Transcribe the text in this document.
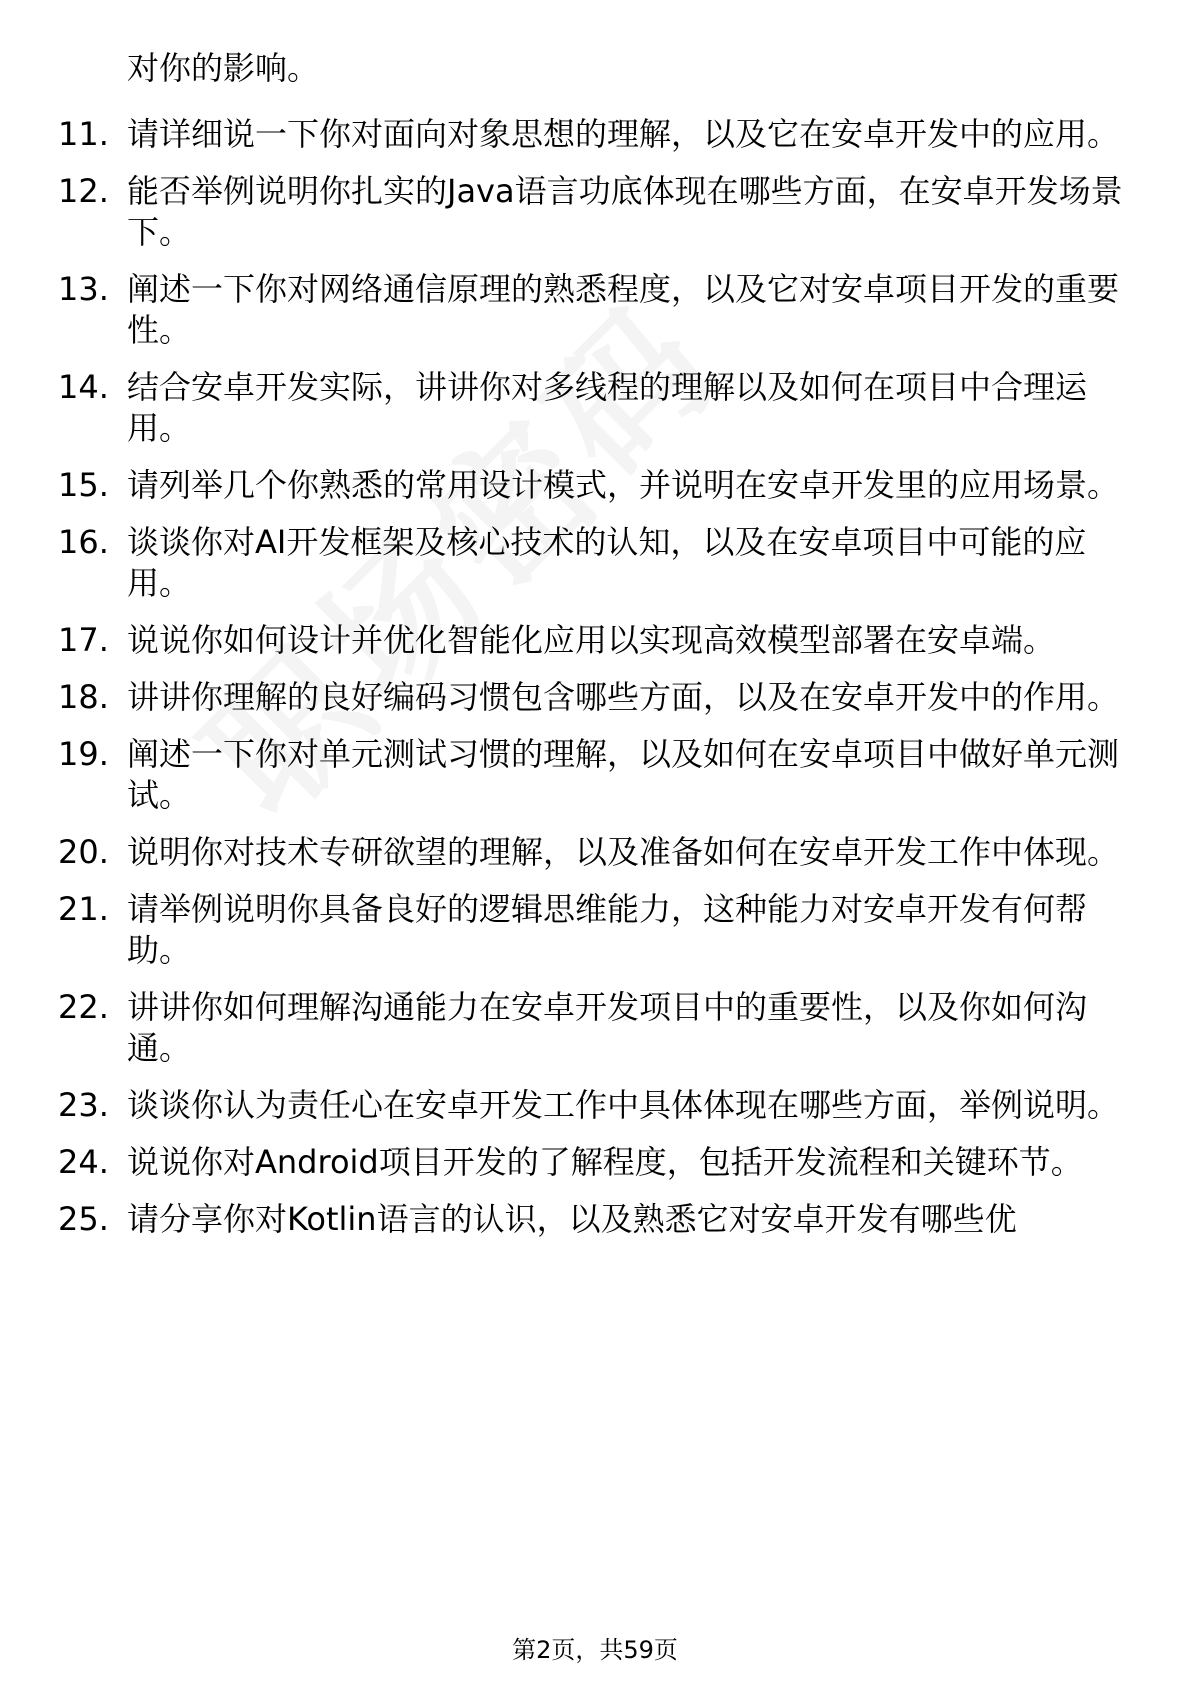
对你的影响。

11. 请详细说一下你对面向对象思想的理解，以及它在安卓开发中的应用。
12. 能否举例说明你扎实的Java语言功底体现在哪些方面，在安卓开发场景下。
13. 阐述一下你对网络通信原理的熟悉程度，以及它对安卓项目开发的重要性。
14. 结合安卓开发实际，讲讲你对多线程的理解以及如何在项目中合理运用。
15. 请列举几个你熟悉的常用设计模式，并说明在安卓开发里的应用场景。
16. 谈谈你对AI开发框架及核心技术的认知，以及在安卓项目中可能的应用。
17. 说说你如何设计并优化智能化应用以实现高效模型部署在安卓端。
18. 讲讲你理解的良好编码习惯包含哪些方面，以及在安卓开发中的作用。
19. 阐述一下你对单元测试习惯的理解，以及如何在安卓项目中做好单元测试。
20. 说明你对技术专研欲望的理解，以及准备如何在安卓开发工作中体现。
21. 请举例说明你具备良好的逻辑思维能力，这种能力对安卓开发有何帮助。
22. 讲讲你如何理解沟通能力在安卓开发项目中的重要性，以及你如何沟通。
23. 谈谈你认为责任心在安卓开发工作中具体体现在哪些方面，举例说明。
24. 说说你对Android项目开发的了解程度，包括开发流程和关键环节。
25. 请分享你对Kotlin语言的认识，以及熟悉它对安卓开发有哪些优
第2页，共59页
